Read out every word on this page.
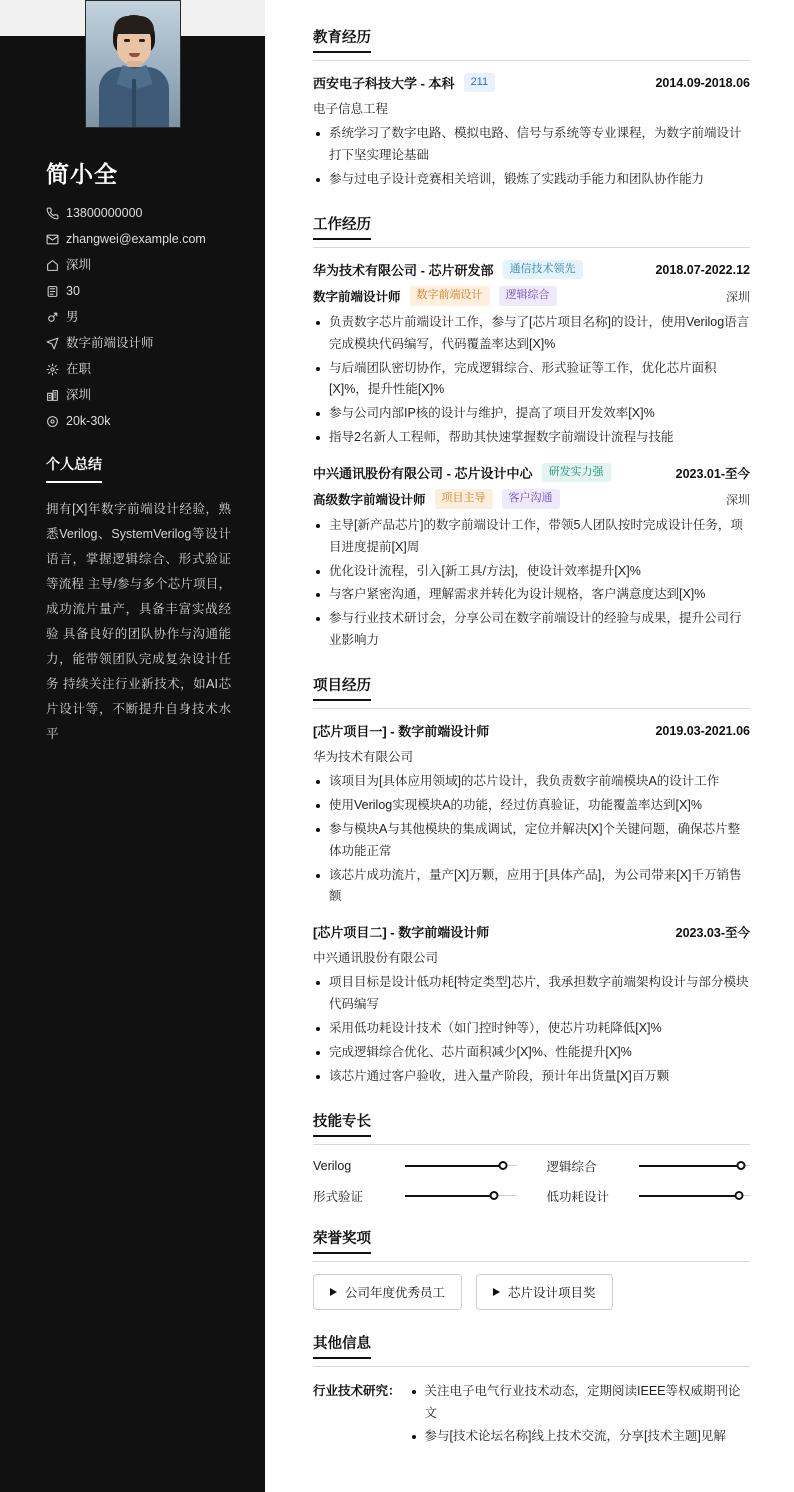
简小全
13800000000
zhangwei@example.com
深圳
30
男
数字前端设计师
在职
深圳
20k-30k
个人总结
拥有[X]年数字前端设计经验，熟悉Verilog、SystemVerilog等设计语言，掌握逻辑综合、形式验证等流程 主导/参与多个芯片项目，成功流片量产，具备丰富实战经验 具备良好的团队协作与沟通能力，能带领团队完成复杂设计任务 持续关注行业新技术，如AI芯片设计等，不断提升自身技术水平
教育经历
西安电子科技大学 - 本科	211	2014.09-2018.06
电子信息工程
系统学习了数字电路、模拟电路、信号与系统等专业课程，为数字前端设计打下坚实理论基础
参与过电子设计竞赛相关培训，锻炼了实践动手能力和团队协作能力
工作经历
华为技术有限公司 - 芯片研发部	通信技术领先	2018.07-2022.12
数字前端设计师	数字前端设计	逻辑综合	深圳
负责数字芯片前端设计工作，参与了[芯片项目名称]的设计，使用Verilog语言完成模块代码编写，代码覆盖率达到[X]%
与后端团队密切协作，完成逻辑综合、形式验证等工作，优化芯片面积[X]%，提升性能[X]%
参与公司内部IP核的设计与维护，提高了项目开发效率[X]%
指导2名新人工程师，帮助其快速掌握数字前端设计流程与技能
中兴通讯股份有限公司 - 芯片设计中心	研发实力强	2023.01-至今
高级数字前端设计师	项目主导	客户沟通	深圳
主导[新产品芯片]的数字前端设计工作，带领5人团队按时完成设计任务，项目进度提前[X]周
优化设计流程，引入[新工具/方法]，使设计效率提升[X]%
与客户紧密沟通，理解需求并转化为设计规格，客户满意度达到[X]%
参与行业技术研讨会，分享公司在数字前端设计的经验与成果，提升公司行业影响力
项目经历
[芯片项目一] - 数字前端设计师	2019.03-2021.06
华为技术有限公司
该项目为[具体应用领域]的芯片设计，我负责数字前端模块A的设计工作
使用Verilog实现模块A的功能，经过仿真验证，功能覆盖率达到[X]%
参与模块A与其他模块的集成调试，定位并解决[X]个关键问题，确保芯片整体功能正常
该芯片成功流片，量产[X]万颗，应用于[具体产品]，为公司带来[X]千万销售额
[芯片项目二] - 数字前端设计师	2023.03-至今
中兴通讯股份有限公司
项目目标是设计低功耗[特定类型]芯片，我承担数字前端架构设计与部分模块代码编写
采用低功耗设计技术（如门控时钟等），使芯片功耗降低[X]%
完成逻辑综合优化、芯片面积减少[X]%、性能提升[X]%
该芯片通过客户验收，进入量产阶段，预计年出货量[X]百万颗
技能专长
Verilog	逻辑综合
形式验证	低功耗设计
荣誉奖项
公司年度优秀员工	芯片设计项目奖
其他信息
行业技术研究：	关注电子电气行业技术动态，定期阅读IEEE等权威期刊论文
参与[技术论坛名称]线上技术交流，分享[技术主题]见解
